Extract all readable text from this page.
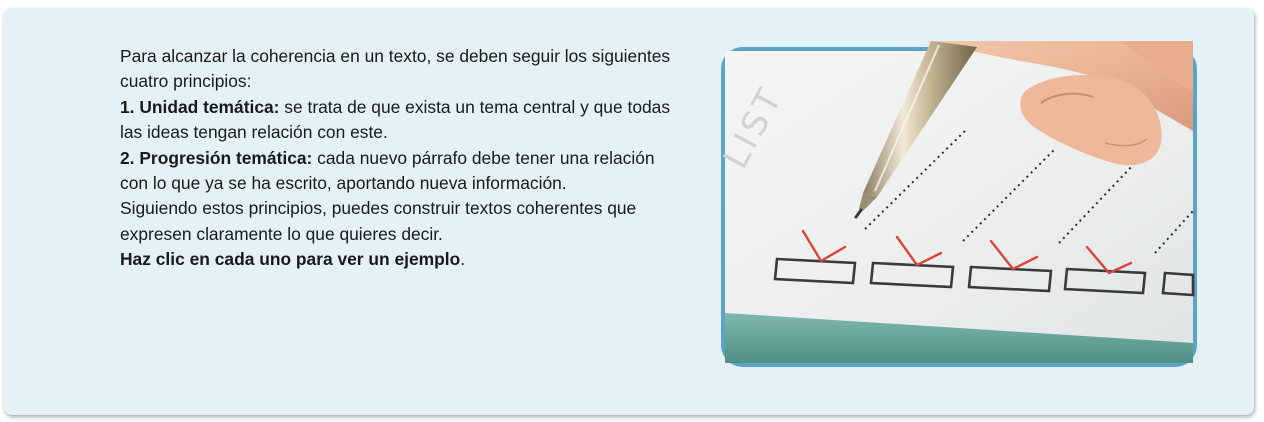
Para alcanzar la coherencia en un texto, se deben seguir los siguientes cuatro principios:

1. Unidad temática: se trata de que exista un tema central y que todas las ideas tengan relación con este.

2. Progresión temática: cada nuevo párrafo debe tener una relación con lo que ya se ha escrito, aportando nueva información.

Siguiendo estos principios, puedes construir textos coherentes que expresen claramente lo que quieres decir.

Haz clic en cada uno para ver un ejemplo.

LIST
